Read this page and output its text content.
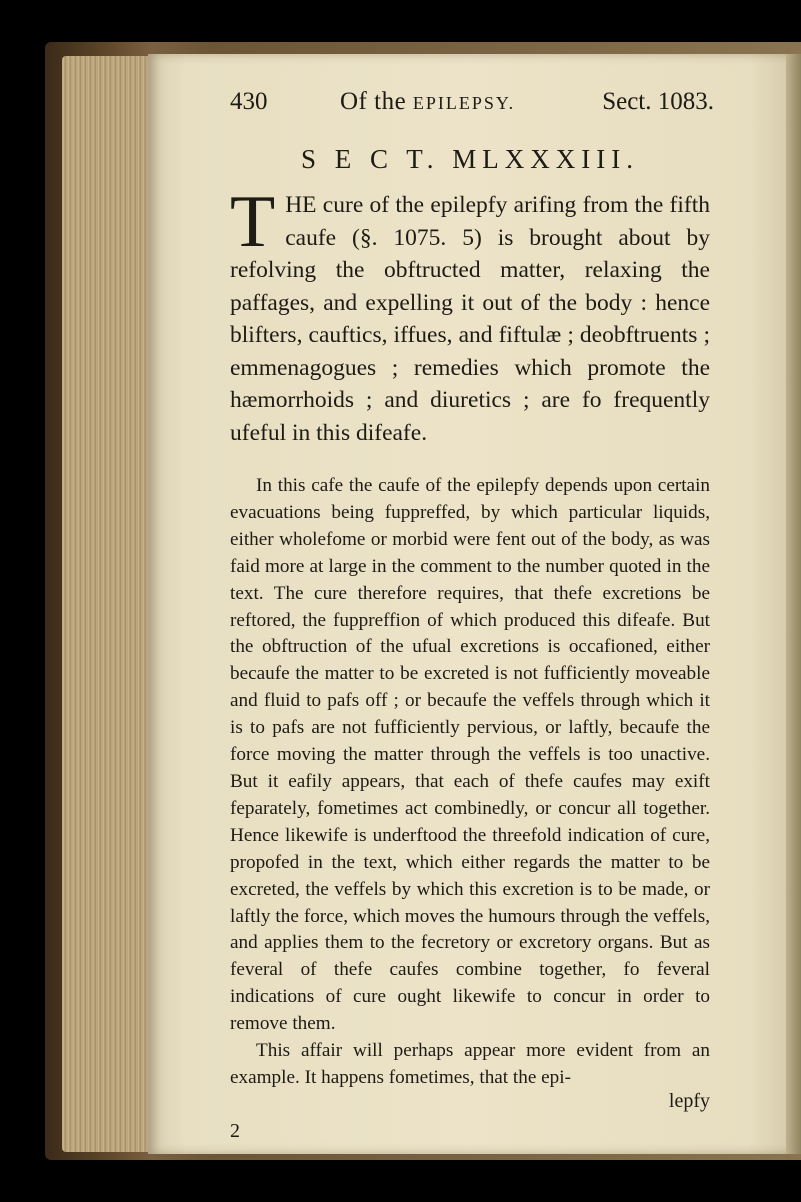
430	Of the EPILEPSY.	Sect. 1083.
S E C T. MLXXXIII.

THE cure of the epilepfy arifing from the fifth caufe (§. 1075. 5) is brought about by refolving the obftructed matter, relaxing the paffages, and expelling it out of the body : hence blifters, cauftics, iffues, and fiftulæ ; deobftruents ; emmenagogues ; remedies which promote the hæmorrhoids ; and diuretics ; are fo frequently ufeful in this difeafe.

In this cafe the caufe of the epilepfy depends upon certain evacuations being fuppreffed, by which particular liquids, either wholefome or morbid were fent out of the body, as was faid more at large in the comment to the number quoted in the text. The cure therefore requires, that thefe excretions be reftored, the fuppreffion of which produced this difeafe. But the obftruction of the ufual excretions is occafioned, either becaufe the matter to be excreted is not fufficiently moveable and fluid to pafs off ; or becaufe the veffels through which it is to pafs are not fufficiently pervious, or laftly, becaufe the force moving the matter through the veffels is too unactive. But it eafily appears, that each of thefe caufes may exift feparately, fometimes act combinedly, or concur all together. Hence likewife is underftood the threefold indication of cure, propofed in the text, which either regards the matter to be excreted, the veffels by which this excretion is to be made, or laftly the force, which moves the humours through the veffels, and applies them to the fecretory or excretory organs. But as feveral of thefe caufes combine together, fo feveral indications of cure ought likewife to concur in order to remove them.

This affair will perhaps appear more evident from an example. It happens fometimes, that the epi-

lepfy
2
